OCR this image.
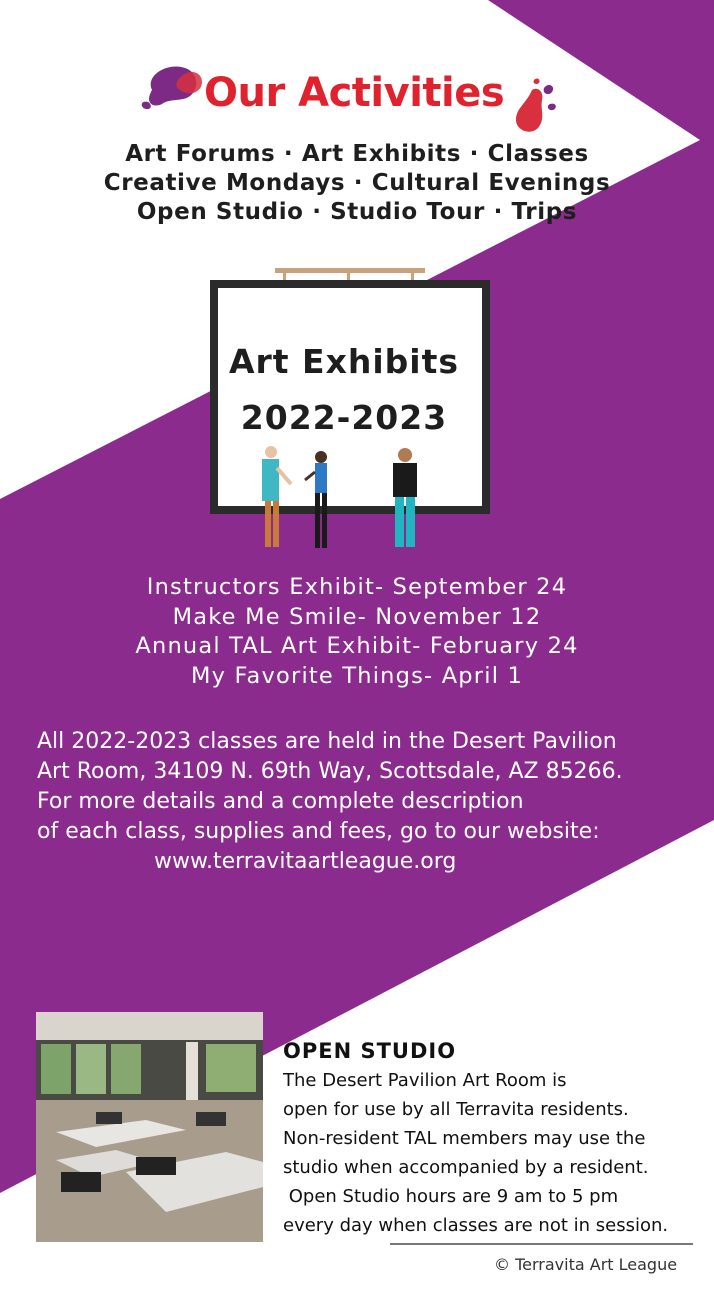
Our Activities
Art Forums · Art Exhibits · Classes
Creative Mondays · Cultural Evenings
Open Studio · Studio Tour · Trips
Art Exhibits
2022-2023
Instructors Exhibit- September 24
Make Me Smile- November 12
Annual TAL Art Exhibit- February 24
My Favorite Things- April 1
All 2022-2023 classes are held in the Desert Pavilion
Art Room, 34109 N. 69th Way, Scottsdale, AZ 85266.
For more details and a complete description
of each class, supplies and fees, go to our website:
www.terravitaartleague.org
OPEN STUDIO
The Desert Pavilion Art Room is
open for use by all Terravita residents.
Non-resident TAL members may use the
studio when accompanied by a resident.
Open Studio hours are 9 am to 5 pm
every day when classes are not in session.
© Terravita Art League
